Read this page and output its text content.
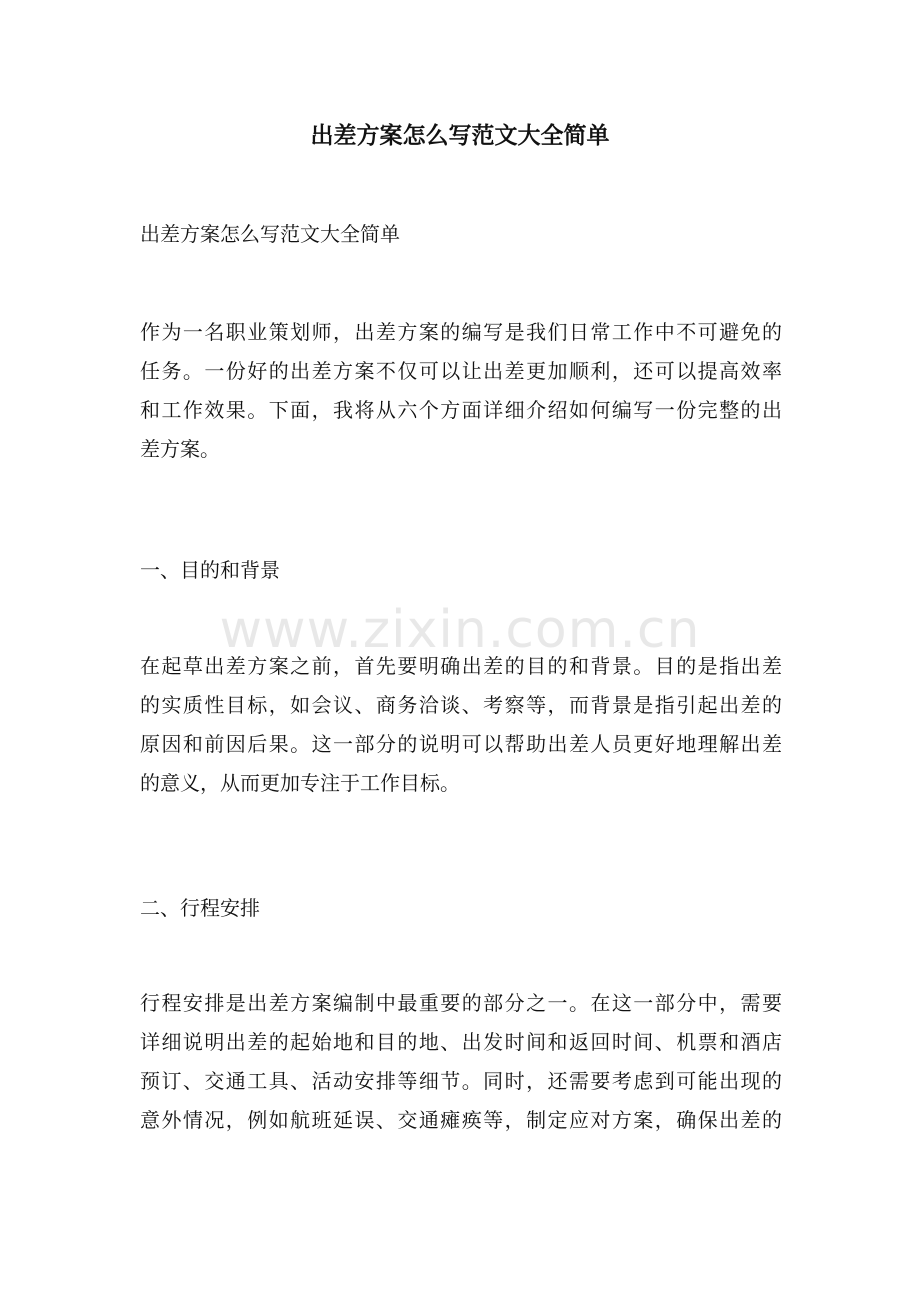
出差方案怎么写范文大全简单

出差方案怎么写范文大全简单

作为一名职业策划师，出差方案的编写是我们日常工作中不可避免的
任务。一份好的出差方案不仅可以让出差更加顺利，还可以提高效率
和工作效果。下面，我将从六个方面详细介绍如何编写一份完整的出
差方案。

一、目的和背景

在起草出差方案之前，首先要明确出差的目的和背景。目的是指出差
的实质性目标，如会议、商务洽谈、考察等，而背景是指引起出差的
原因和前因后果。这一部分的说明可以帮助出差人员更好地理解出差
的意义，从而更加专注于工作目标。

二、行程安排

行程安排是出差方案编制中最重要的部分之一。在这一部分中，需要
详细说明出差的起始地和目的地、出发时间和返回时间、机票和酒店
预订、交通工具、活动安排等细节。同时，还需要考虑到可能出现的
意外情况，例如航班延误、交通瘫痪等，制定应对方案，确保出差的
www.zixin.com.cn
